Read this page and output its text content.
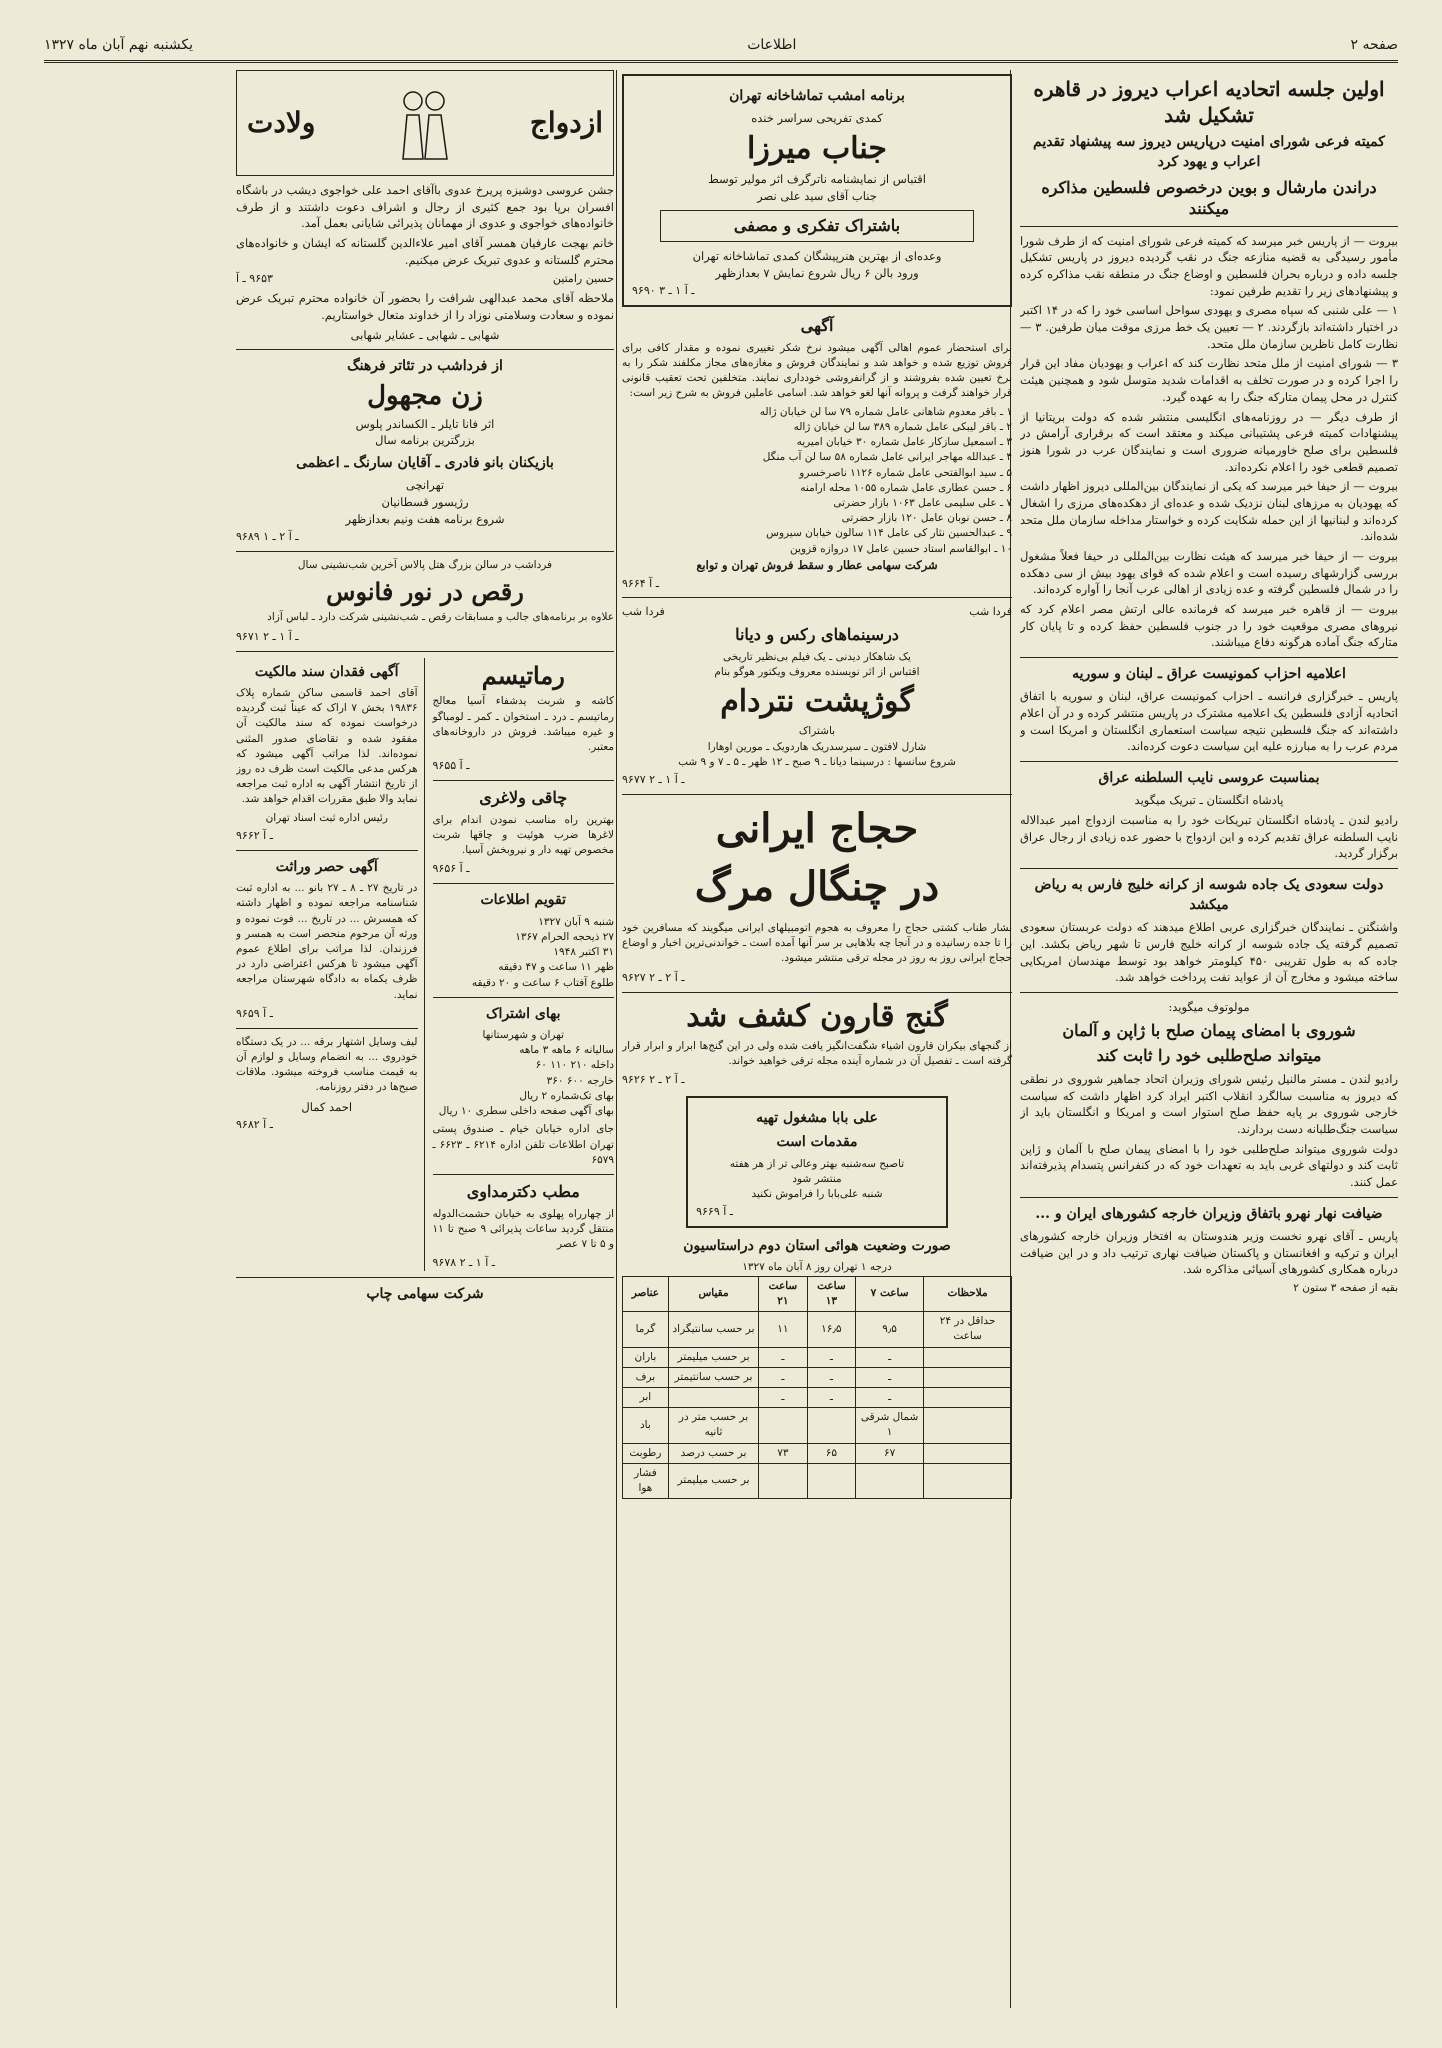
صفحه ۲
اطلاعات
یکشنبه نهم آبان ماه ۱۳۲۷
اولین جلسه اتحادیه اعراب دیروز در قاهره تشکیل شد
کمیته فرعی شورای امنیت درپاریس دیروز سه پیشنهاد تقدیم اعراب و یهود کرد
دراندن مارشال و بوین درخصوص فلسطین مذاکره میکنند

بیروت — از پاریس خبر میرسد که کمیته فرعی شورای امنیت که از طرف شورا مأمور رسیدگی به قضیه منازعه جنگ در نقب گردیده دیروز در پاریس تشکیل جلسه داده و درباره بحران فلسطین و اوضاع جنگ در منطقه نقب مذاکره کرده و پیشنهادهای زیر را تقدیم طرفین نمود:

۱ — علی شنبی که سپاه مصری و یهودی سواحل اساسی خود را که در ۱۴ اکتبر در اختیار داشته‌اند بازگردند. ۲ — تعیین یک خط مرزی موقت میان طرفین. ۳ — نظارت کامل ناظرین سازمان ملل متحد.

۳ — شورای امنیت از ملل متحد نظارت کند که اعراب و یهودیان مفاد این قرار را اجرا کرده و در صورت تخلف به اقدامات شدید متوسل شود و همچنین هیئت کنترل در محل پیمان متارکه جنگ را به عهده گیرد.

از طرف دیگر — در روزنامه‌های انگلیسی منتشر شده که دولت بریتانیا از پیشنهادات کمیته فرعی پشتیبانی میکند و معتقد است که برقراری آرامش در فلسطین برای صلح خاورمیانه ضروری است و نمایندگان عرب در شورا هنوز تصمیم قطعی خود را اعلام نکرده‌اند.

بیروت — از حیفا خبر میرسد که یکی از نمایندگان بین‌المللی دیروز اظهار داشت که یهودیان به مرزهای لبنان نزدیک شده و عده‌ای از دهکده‌های مرزی را اشغال کرده‌اند و لبنانیها از این حمله شکایت کرده و خواستار مداخله سازمان ملل متحد شده‌اند.

بیروت — از حیفا خبر میرسد که هیئت نظارت بین‌المللی در حیفا فعلاً مشغول بررسی گزارشهای رسیده است و اعلام شده که قوای یهود بیش از سی دهکده را در شمال فلسطین گرفته و عده زیادی از اهالی عرب آنجا را آواره کرده‌اند.

بیروت — از قاهره خبر میرسد که فرمانده عالی ارتش مصر اعلام کرد که نیروهای مصری موقعیت خود را در جنوب فلسطین حفظ کرده و تا پایان کار متارکه جنگ آماده هرگونه دفاع میباشند.

اعلامیه احزاب کمونیست عراق ـ لبنان و سوریه

پاریس ـ خبرگزاری فرانسه ـ احزاب کمونیست عراق، لبنان و سوریه با اتفاق اتحادیه آزادی فلسطین یک اعلامیه مشترک در پاریس منتشر کرده و در آن اعلام داشته‌اند که جنگ فلسطین نتیجه سیاست استعماری انگلستان و امریکا است و مردم عرب را به مبارزه علیه این سیاست دعوت کرده‌اند.

بمناسبت عروسی نایب السلطنه عراق
پادشاه انگلستان ـ تبریک میگوید

رادیو لندن ـ پادشاه انگلستان تبریکات خود را به مناسبت ازدواج امیر عبدالاله نایب السلطنه عراق تقدیم کرده و این ازدواج با حضور عده زیادی از رجال عراق برگزار گردید.

دولت سعودی یک جاده شوسه از کرانه خلیج فارس به ریاض میکشد

واشنگتن ـ نمایندگان خبرگزاری عربی اطلاع میدهند که دولت عربستان سعودی تصمیم گرفته یک جاده شوسه از کرانه خلیج فارس تا شهر ریاض بکشد. این جاده که به طول تقریبی ۴۵۰ کیلومتر خواهد بود توسط مهندسان امریکایی ساخته میشود و مخارج آن از عواید نفت پرداخت خواهد شد.

مولوتوف میگوید:
شوروی با امضای پیمان صلح با ژاپن و آلمان
میتواند صلح‌طلبی خود را ثابت کند

رادیو لندن ـ مستر مالنیل رئیس شورای وزیران اتحاد جماهیر شوروی در نطقی که دیروز به مناسبت سالگرد انقلاب اکتبر ایراد کرد اظهار داشت که سیاست خارجی شوروی بر پایه حفظ صلح استوار است و امریکا و انگلستان باید از سیاست جنگ‌طلبانه دست بردارند.

دولت شوروی میتواند صلح‌طلبی خود را با امضای پیمان صلح با آلمان و ژاپن ثابت کند و دولتهای غربی باید به تعهدات خود که در کنفرانس پتسدام پذیرفته‌اند عمل کنند.

ضیافت نهار نهرو باتفاق وزیران خارجه کشورهای ایران و ...

پاریس ـ آقای نهرو نخست وزیر هندوستان به افتخار وزیران خارجه کشورهای ایران و ترکیه و افغانستان و پاکستان ضیافت نهاری ترتیب داد و در این ضیافت درباره همکاری کشورهای آسیائی مذاکره شد.

بقیه از صفحه ۳ ستون ۲
برنامه امشب تماشاخانه تهران
کمدی تفریحی سراسر خنده
جناب میرزا
اقتباس از نمایشنامه ناترگرف اثر مولیر توسط
جناب آقای سید علی نصر
باشتراک تفکری و مصفی
وعده‌ای از بهترین هنرپیشگان کمدی تماشاخانه تهران
ورود بالن ۶ ریال شروع نمایش ۷ بعدازظهر
۹۶۹۰ ـ آ ۱ ـ ۳
آگهی

برای استحضار عموم اهالی آگهی میشود نرخ شکر تغییری نموده و مقدار کافی برای فروش توزیع شده و خواهد شد و نمایندگان فروش و مغازه‌های مجاز مکلفند شکر را به نرخ تعیین شده بفروشند و از گرانفروشی خودداری نمایند. متخلفین تحت تعقیب قانونی قرار خواهند گرفت و پروانه آنها لغو خواهد شد. اسامی عاملین فروش به شرح زیر است:

۱ ـ باقر معدوم شاهانی عامل شماره ۷۹ سا لن خیابان ژاله
۲ ـ باقر لیبکی عامل شماره ۳۸۹ سا لن خیابان ژاله
۳ ـ اسمعیل سازکار عامل شماره ۳۰ خیابان امیریه
۴ ـ عبدالله مهاجر ایرانی عامل شماره ۵۸ سا لن آب منگل
۵ ـ سید ابوالفتحی عامل شماره ۱۱۲۶ ناصرخسرو
۶ ـ حسن عطاری عامل شماره ۱۰۵۵ محله ارامنه
۷ ـ علی سلیمی عامل ۱۰۶۳ بازار حضرتی
۸ ـ حسن نوبان عامل ۱۲۰ بازار حضرتی
۹ ـ عبدالحسین نثار کی عامل ۱۱۴ سالون خیابان سیروس
۱۰ ـ ابوالقاسم استاد حسین عامل ۱۷ دروازه قزوین
شرکت سهامی عطار و سقط فروش تهران و توابع
۹۶۶۴ ـ آ
فردا شب
فردا شب
درسینماهای رکس و دیانا
یک شاهکار دیدنی ـ یک فیلم بی‌نظیر تاریخی
اقتباس از اثر نویسنده معروف ویکتور هوگو بنام
گوژپشت نتردام
باشتراک
شارل لافتون ـ سیرسدریک هاردویک ـ مورین اوهارا
شروع سانسها : درسینما دیانا ـ ۹ صبح ـ ۱۲ ظهر ـ ۵ ـ ۷ و ۹ شب
۹۶۷۷ ـ آ ۱ ـ ۲
حجاج ایرانی
در چنگال مرگ

نشار طناب کشتی حجاج را معروف به هجوم اتومبیلهای ایرانی میگویند که مسافرین خود را تا جده رسانیده و در آنجا چه بلاهایی بر سر آنها آمده است ـ خواندنی‌ترین اخبار و اوضاع حجاج ایرانی روز به روز در مجله ترقی منتشر میشود.

۹۶۲۷ ـ آ ۲ ـ ۲
گنج قارون کشف شد

از گنجهای بیکران قارون اشیاء شگفت‌انگیز یافت شده ولی در این گنج‌ها ابرار و ابرار قرار گرفته است ـ تفصیل آن در شماره آینده مجله ترقی خواهید خواند.

۹۶۲۶ ـ آ ۲ ـ ۲
علی بابا مشغول تهیه
مقدمات است
تاصبح سه‌شنبه بهتر وعالی تر از هر هفته
منتشر شود
شنبه علی‌بابا را فراموش نکنید
۹۶۶۹ ـ آ
صورت وضعیت هوائی استان دوم دراستاسیون
درجه ۱ تهران روز ۸ آبان ماه ۱۳۲۷
ملاحظات	ساعت ۷	ساعت ۱۳	ساعت ۲۱	مقیاس	عناصر
حداقل در ۲۴ ساعت	۹٫۵	۱۶٫۵	۱۱	بر حسب سانتیگراد	گرما
	ـ	ـ	ـ	بر حسب میلیمتر	باران
	ـ	ـ	ـ	بر حسب سانتیمتر	برف
	ـ	ـ	ـ		ابر
	شمال شرقی ۱			بر حسب متر در ثانیه	باد
	۶۷	۶۵	۷۳	بر حسب درصد	رطوبت
				بر حسب میلیمتر	فشار هوا
ازدواج
ولادت

جشن عروسی دوشیزه پریرخ عدوی باآقای احمد علی خواجوی دیشب در باشگاه افسران برپا بود جمع کثیری از رجال و اشراف دعوت داشتند و از طرف خانواده‌های خواجوی و عدوی از مهمانان پذیرائی شایانی بعمل آمد.

خانم بهجت عارفیان همسر آقای امیر علاءالدین گلستانه که ایشان و خانواده‌های محترم گلستانه و عدوی تبریک عرض میکنیم.

حسین رامتین
۹۶۵۳ ـ آ

ملاحظه آقای محمد عبدالهی شرافت را بحضور آن خانواده محترم تبریک عرض نموده و سعادت وسلامتی نوزاد را از خداوند متعال خواستاریم.

شهابی ـ شهابی ـ عشایر شهابی
از فرداشب در تئاتر فرهنگ
زن مجهول
اثر فانا تایلر ـ الکساندر پلوس
بزرگترین برنامه سال
بازیکنان بانو فادری ـ آقایان سارنگ ـ اعظمی
تهرانچی
رژیسور قسطانیان
شروع برنامه هفت ونیم بعدازظهر
۹۶۸۹ ـ آ ۲ ـ ۱
فرداشب در سالن بزرگ هتل پالاس آخرین شب‌نشینی سال
رقص در نور فانوس

علاوه بر برنامه‌های جالب و مسابقات رقص ـ شب‌نشینی شرکت دارد ـ لباس آزاد

۹۶۷۱ ـ آ ۱ ـ ۲
رماتیسم

کاشه و شربت یدشفاء آسیا معالج رماتیسم ـ درد ـ استخوان ـ کمر ـ لومباگو و غیره میباشد. فروش در داروخانه‌های معتبر.

۹۶۵۵ ـ آ
چاقی ولاغری

بهترین راه مناسب نمودن اندام برای لاغرها ضرب هوئیت و چاقها شربت مخصوص تهیه دار و نیروبخش آسیا.

۹۶۵۶ ـ آ
تقویم اطلاعات
شنبه ۹ آبان ۱۳۲۷
۲۷ ذیحجه الحرام ۱۳۶۷
۳۱ اکتبر ۱۹۴۸
ظهر ۱۱ ساعت و ۴۷ دقیقه
طلوع آفتاب ۶ ساعت و ۲۰ دقیقه
بهای اشتراک
تهران و شهرستانها
سالیانه ۶ ماهه ۳ ماهه
داخله ۲۱۰ ۱۱۰ ۶۰
خارجه ۶۰۰ ۳۶۰
بهای تک‌شماره ۲ ریال
بهای آگهی صفحه داخلی سطری ۱۰ ریال

جای اداره خیابان خیام ـ صندوق پستی تهران اطلاعات تلفن اداره ۶۲۱۴ ـ ۶۶۲۳ ـ ۶۵۷۹

مطب دکترمداوی

از چهارراه پهلوی به خیابان حشمت‌الدوله منتقل گردید ساعات پذیرائی ۹ صبح تا ۱۱ و ۵ تا ۷ عصر

۹۶۷۸ ـ آ ۱ ـ ۲
آگهی فقدان سند مالکیت

آقای احمد قاسمی ساکن شماره پلاک ۱۹۸۳۶ بخش ۷ اراک که عیناً ثبت گردیده درخواست نموده که سند مالکیت آن مفقود شده و تقاضای صدور المثنی نموده‌اند. لذا مراتب آگهی میشود که هرکس مدعی مالکیت است ظرف ده روز از تاریخ انتشار آگهی به اداره ثبت مراجعه نماید والا طبق مقررات اقدام خواهد شد.

رئیس اداره ثبت اسناد تهران
۹۶۶۲ ـ آ
آگهی حصر وراثت

در تاریخ ۲۷ ـ ۸ ـ ۲۷ بانو ... به اداره ثبت شناسنامه مراجعه نموده و اظهار داشته که همسرش ... در تاریخ ... فوت نموده و ورثه آن مرحوم منحصر است به همسر و فرزندان. لذا مراتب برای اطلاع عموم آگهی میشود تا هرکس اعتراضی دارد در ظرف یکماه به دادگاه شهرستان مراجعه نماید.

۹۶۵۹ ـ آ

لیف وسایل اشتهار برقه ... در یک دستگاه خودروی ... به انضمام وسایل و لوازم آن به قیمت مناسب فروخته میشود. ملاقات صبح‌ها در دفتر روزنامه.

احمد کمال
۹۶۸۲ ـ آ
شرکت سهامی چاپ
